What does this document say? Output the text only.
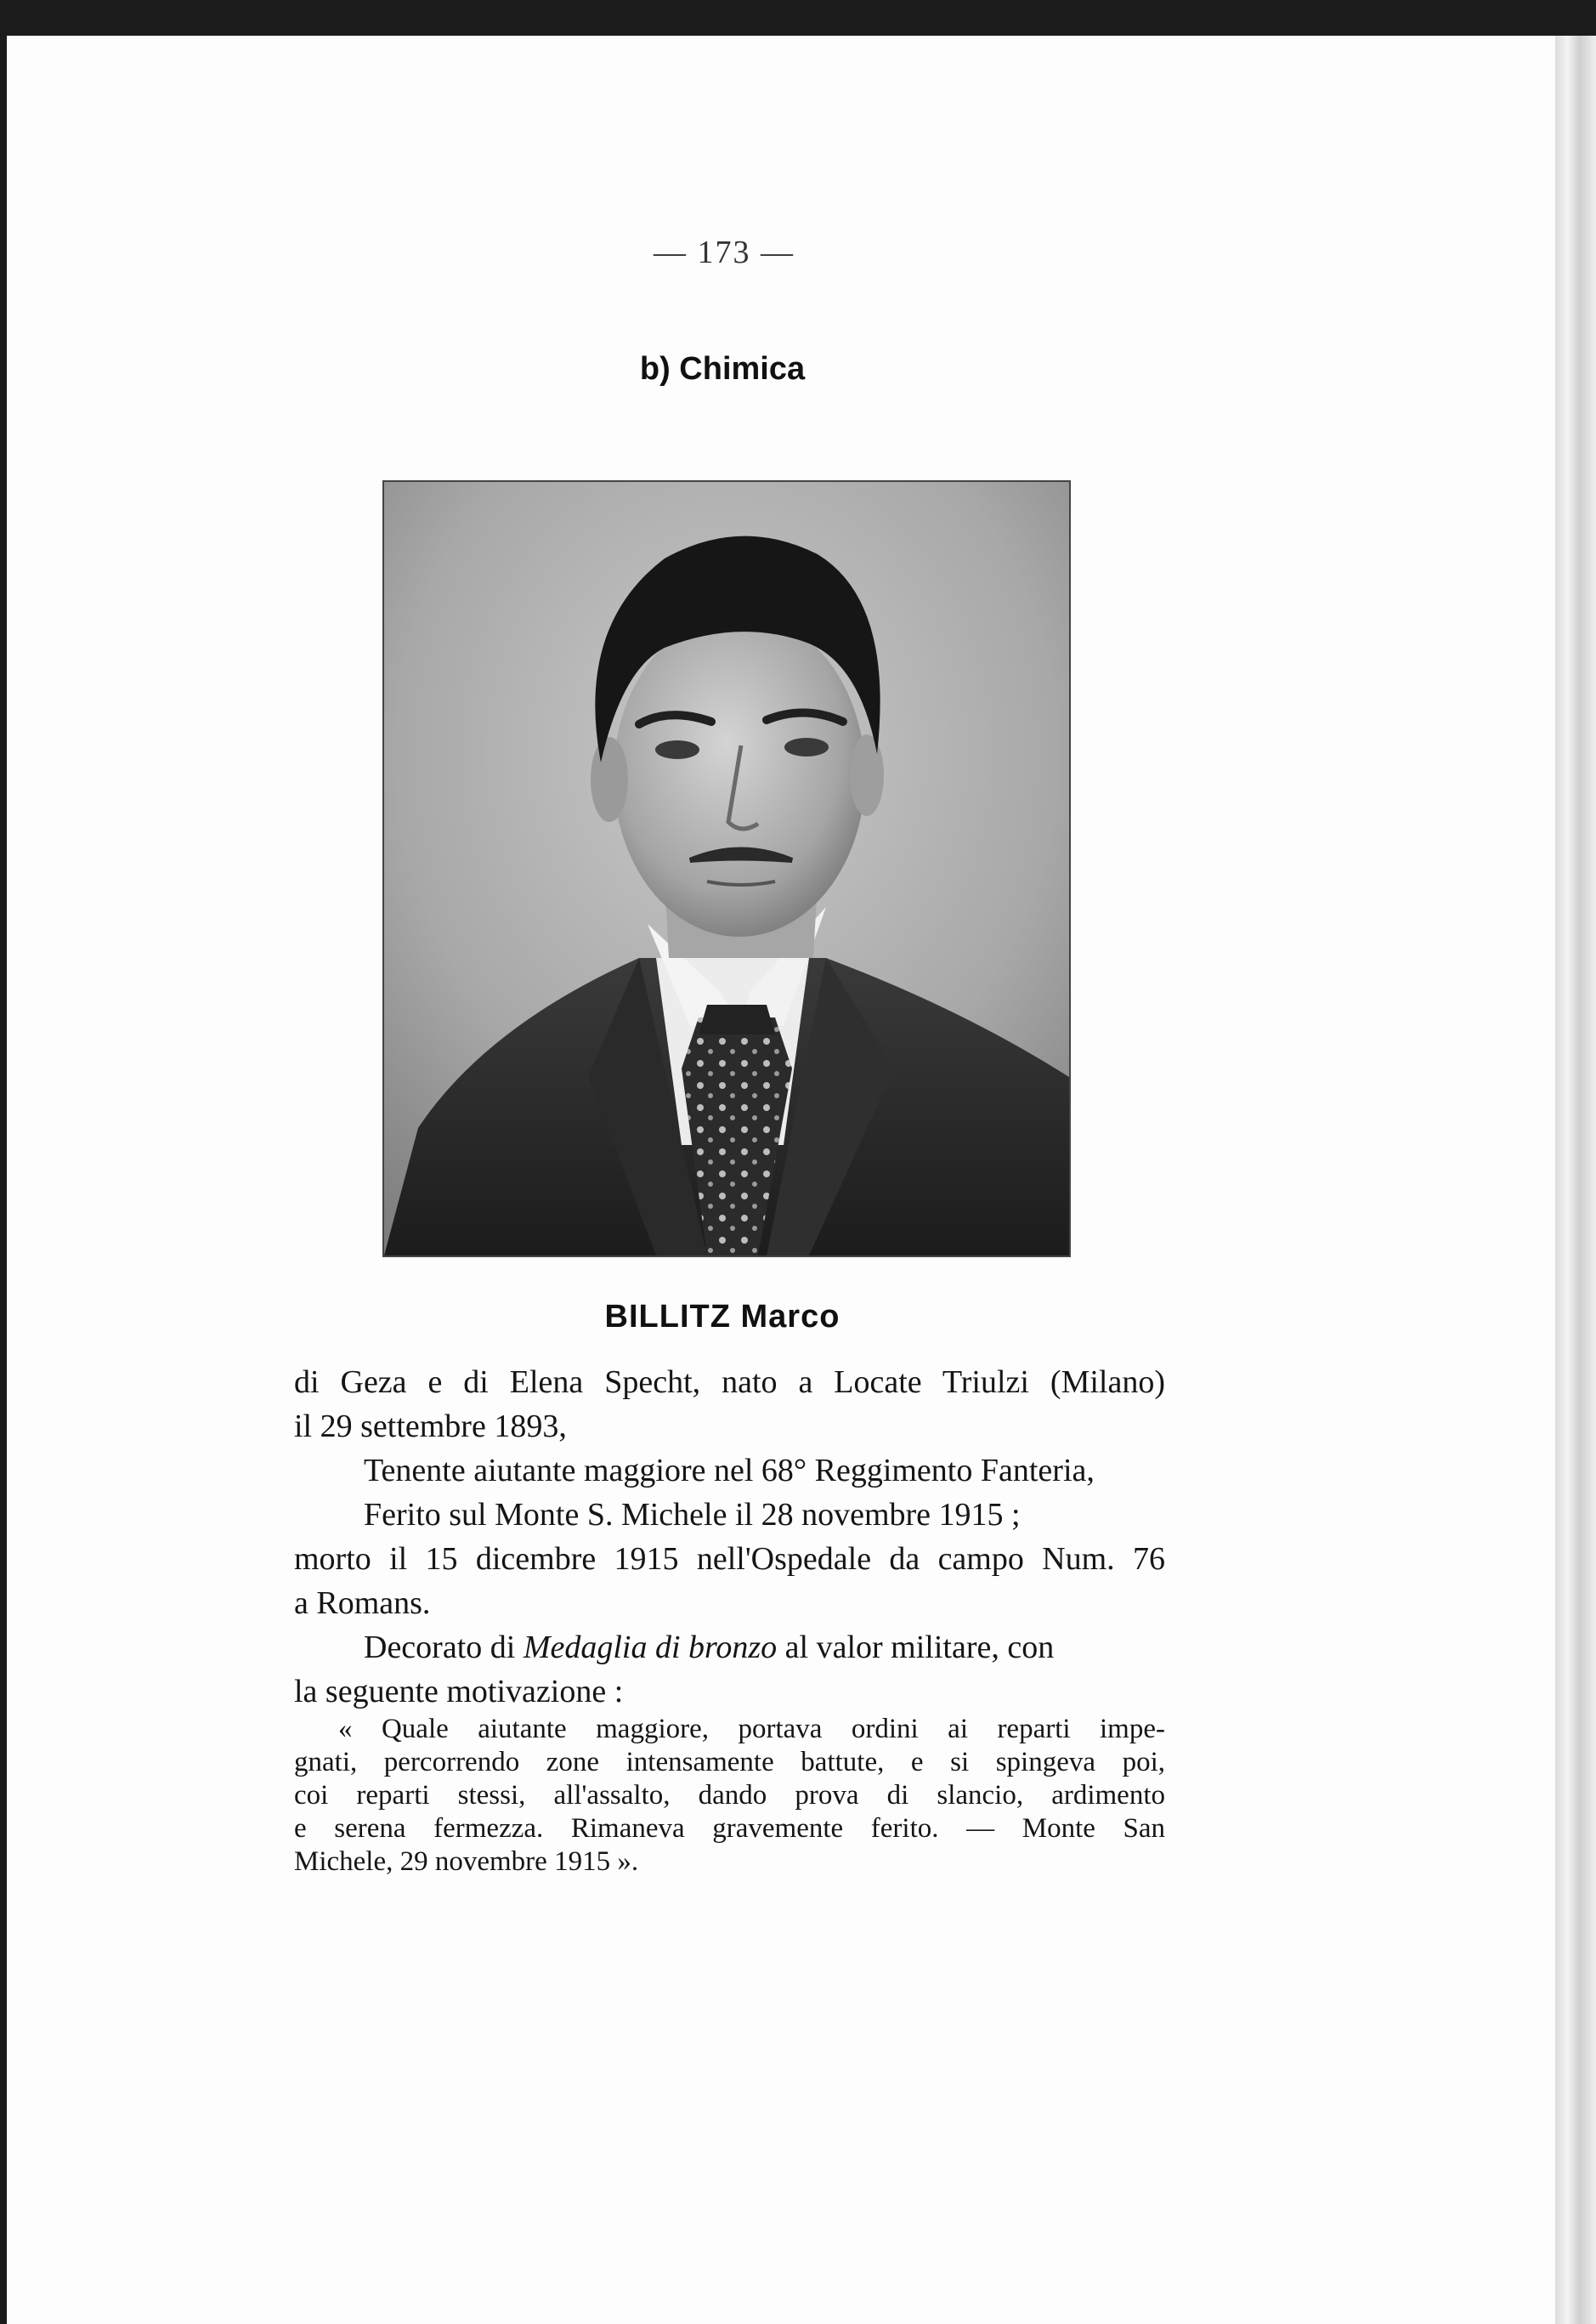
— 173 —
b) Chimica
BILLITZ Marco
di Geza e di Elena Specht, nato a Locate Triulzi (Milano)
il 29 settembre 1893,
Tenente aiutante maggiore nel 68° Reggimento Fanteria,
Ferito sul Monte S. Michele il 28 novembre 1915 ;
morto il 15 dicembre 1915 nell'Ospedale da campo Num. 76
a Romans.
Decorato di Medaglia di bronzo al valor militare, con
la seguente motivazione :
« Quale aiutante maggiore, portava ordini ai reparti impe-
gnati, percorrendo zone intensamente battute, e si spingeva poi,
coi reparti stessi, all'assalto, dando prova di slancio, ardimento
e serena fermezza. Rimaneva gravemente ferito. — Monte San
Michele, 29 novembre 1915 ».
